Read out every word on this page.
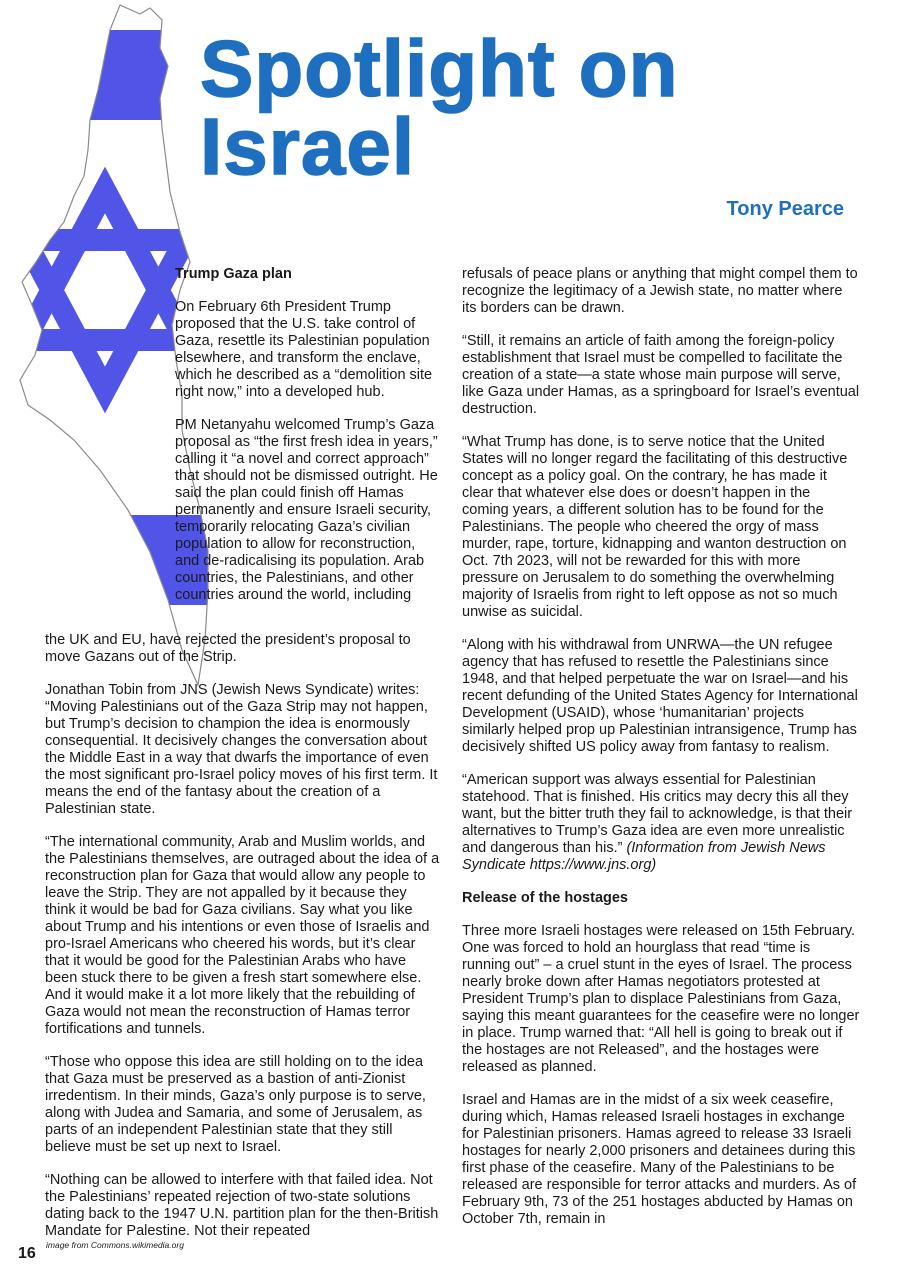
Spotlight on
Israel
Tony Pearce
Trump Gaza plan

On February 6th President Trump proposed that the U.S. take control of Gaza, resettle its Palestinian population elsewhere, and transform the enclave, which he described as a “demolition site right now,” into a developed hub.

PM Netanyahu welcomed Trump’s Gaza proposal as “the first fresh idea in years,” calling it “a novel and correct approach” that should not be dismissed outright. He said the plan could finish off Hamas permanently and ensure Israeli security, temporarily relocating Gaza’s civilian population to allow for reconstruction, and de-radicalising its population. Arab countries, the Palestinians, and other countries around the world, including

the UK and EU, have rejected the president’s proposal to move Gazans out of the Strip.

Jonathan Tobin from JNS (Jewish News Syndicate) writes: “Moving Palestinians out of the Gaza Strip may not happen, but Trump’s decision to champion the idea is enormously consequential. It decisively changes the conversation about the Middle East in a way that dwarfs the importance of even the most significant pro-Israel policy moves of his first term. It means the end of the fantasy about the creation of a Palestinian state.

“The international community, Arab and Muslim worlds, and the Palestinians themselves, are outraged about the idea of a reconstruction plan for Gaza that would allow any people to leave the Strip. They are not appalled by it because they think it would be bad for Gaza civilians. Say what you like about Trump and his intentions or even those of Israelis and pro-Israel Americans who cheered his words, but it’s clear that it would be good for the Palestinian Arabs who have been stuck there to be given a fresh start somewhere else. And it would make it a lot more likely that the rebuilding of Gaza would not mean the reconstruction of Hamas terror fortifications and tunnels.

“Those who oppose this idea are still holding on to the idea that Gaza must be preserved as a bastion of anti-Zionist irredentism. In their minds, Gaza’s only purpose is to serve, along with Judea and Samaria, and some of Jerusalem, as parts of an independent Palestinian state that they still believe must be set up next to Israel.

“Nothing can be allowed to interfere with that failed idea. Not the Palestinians’ repeated rejection of two-state solutions dating back to the 1947 U.N. partition plan for the then-British Mandate for Palestine. Not their repeated

refusals of peace plans or anything that might compel them to recognize the legitimacy of a Jewish state, no matter where its borders can be drawn.

“Still, it remains an article of faith among the foreign-policy establishment that Israel must be compelled to facilitate the creation of a state—a state whose main purpose will serve, like Gaza under Hamas, as a springboard for Israel’s eventual destruction.

“What Trump has done, is to serve notice that the United States will no longer regard the facilitating of this destructive concept as a policy goal. On the contrary, he has made it clear that whatever else does or doesn’t happen in the coming years, a different solution has to be found for the Palestinians. The people who cheered the orgy of mass murder, rape, torture, kidnapping and wanton destruction on Oct. 7th 2023, will not be rewarded for this with more pressure on Jerusalem to do something the overwhelming majority of Israelis from right to left oppose as not so much unwise as suicidal.

“Along with his withdrawal from UNRWA—the UN refugee agency that has refused to resettle the Palestinians since 1948, and that helped perpetuate the war on Israel—and his recent defunding of the United States Agency for International Development (USAID), whose ‘humanitarian’ projects similarly helped prop up Palestinian intransigence, Trump has decisively shifted US policy away from fantasy to realism.

“American support was always essential for Palestinian statehood. That is finished. His critics may decry this all they want, but the bitter truth they fail to acknowledge, is that their alternatives to Trump’s Gaza idea are even more unrealistic and dangerous than his.” (Information from Jewish News Syndicate https://www.jns.org)

Release of the hostages

Three more Israeli hostages were released on 15th February. One was forced to hold an hourglass that read “time is running out” – a cruel stunt in the eyes of Israel. The process nearly broke down after Hamas negotiators protested at President Trump’s plan to displace Palestinians from Gaza, saying this meant guarantees for the ceasefire were no longer in place. Trump warned that: “All hell is going to break out if the hostages are not Released”, and the hostages were released as planned.

Israel and Hamas are in the midst of a six week ceasefire, during which, Hamas released Israeli hostages in exchange for Palestinian prisoners. Hamas agreed to release 33 Israeli hostages for nearly 2,000 prisoners and detainees during this first phase of the ceasefire. Many of the Palestinians to be released are responsible for terror attacks and murders. As of February 9th, 73 of the 251 hostages abducted by Hamas on October 7th, remain in

16 image from Commons.wikimedia.org
